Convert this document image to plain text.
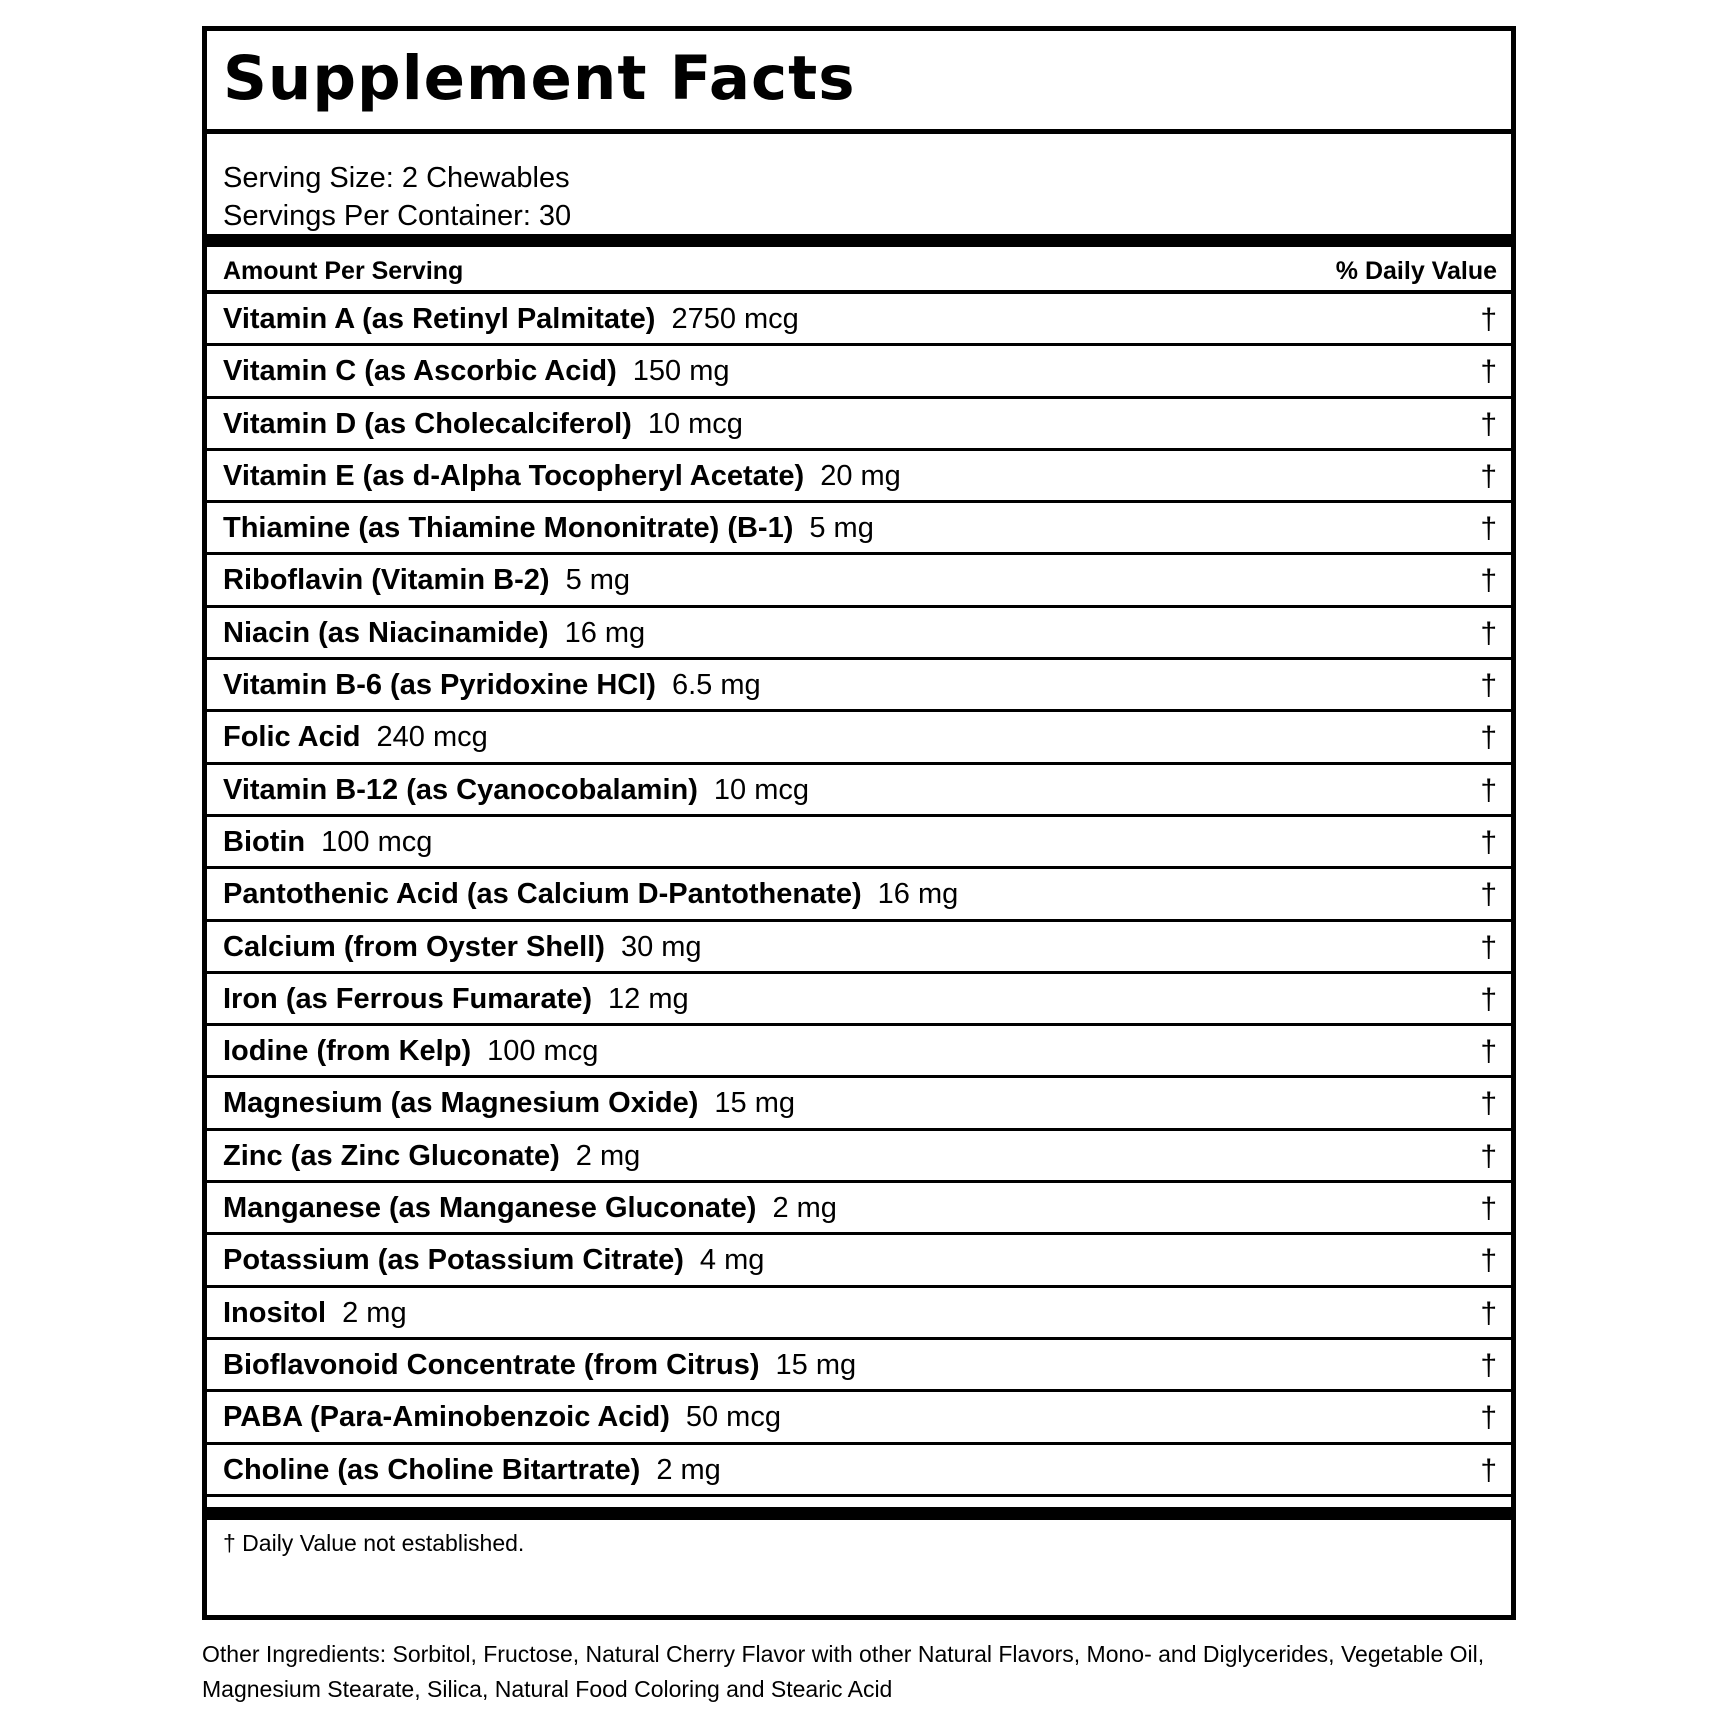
Supplement Facts
Serving Size: 2 Chewables
Servings Per Container: 30
Amount Per Serving	% Daily Value
Vitamin A (as Retinyl Palmitate) 2750 mcg	†
Vitamin C (as Ascorbic Acid) 150 mg	†
Vitamin D (as Cholecalciferol) 10 mcg	†
Vitamin E (as d-Alpha Tocopheryl Acetate) 20 mg	†
Thiamine (as Thiamine Mononitrate) (B-1) 5 mg	†
Riboflavin (Vitamin B-2) 5 mg	†
Niacin (as Niacinamide) 16 mg	†
Vitamin B-6 (as Pyridoxine HCl) 6.5 mg	†
Folic Acid 240 mcg	†
Vitamin B-12 (as Cyanocobalamin) 10 mcg	†
Biotin 100 mcg	†
Pantothenic Acid (as Calcium D-Pantothenate) 16 mg	†
Calcium (from Oyster Shell) 30 mg	†
Iron (as Ferrous Fumarate) 12 mg	†
Iodine (from Kelp) 100 mcg	†
Magnesium (as Magnesium Oxide) 15 mg	†
Zinc (as Zinc Gluconate) 2 mg	†
Manganese (as Manganese Gluconate) 2 mg	†
Potassium (as Potassium Citrate) 4 mg	†
Inositol 2 mg	†
Bioflavonoid Concentrate (from Citrus) 15 mg	†
PABA (Para-Aminobenzoic Acid) 50 mcg	†
Choline (as Choline Bitartrate) 2 mg	†
† Daily Value not established.
Other Ingredients: Sorbitol, Fructose, Natural Cherry Flavor with other Natural Flavors, Mono- and Diglycerides, Vegetable Oil, Magnesium Stearate, Silica, Natural Food Coloring and Stearic Acid
